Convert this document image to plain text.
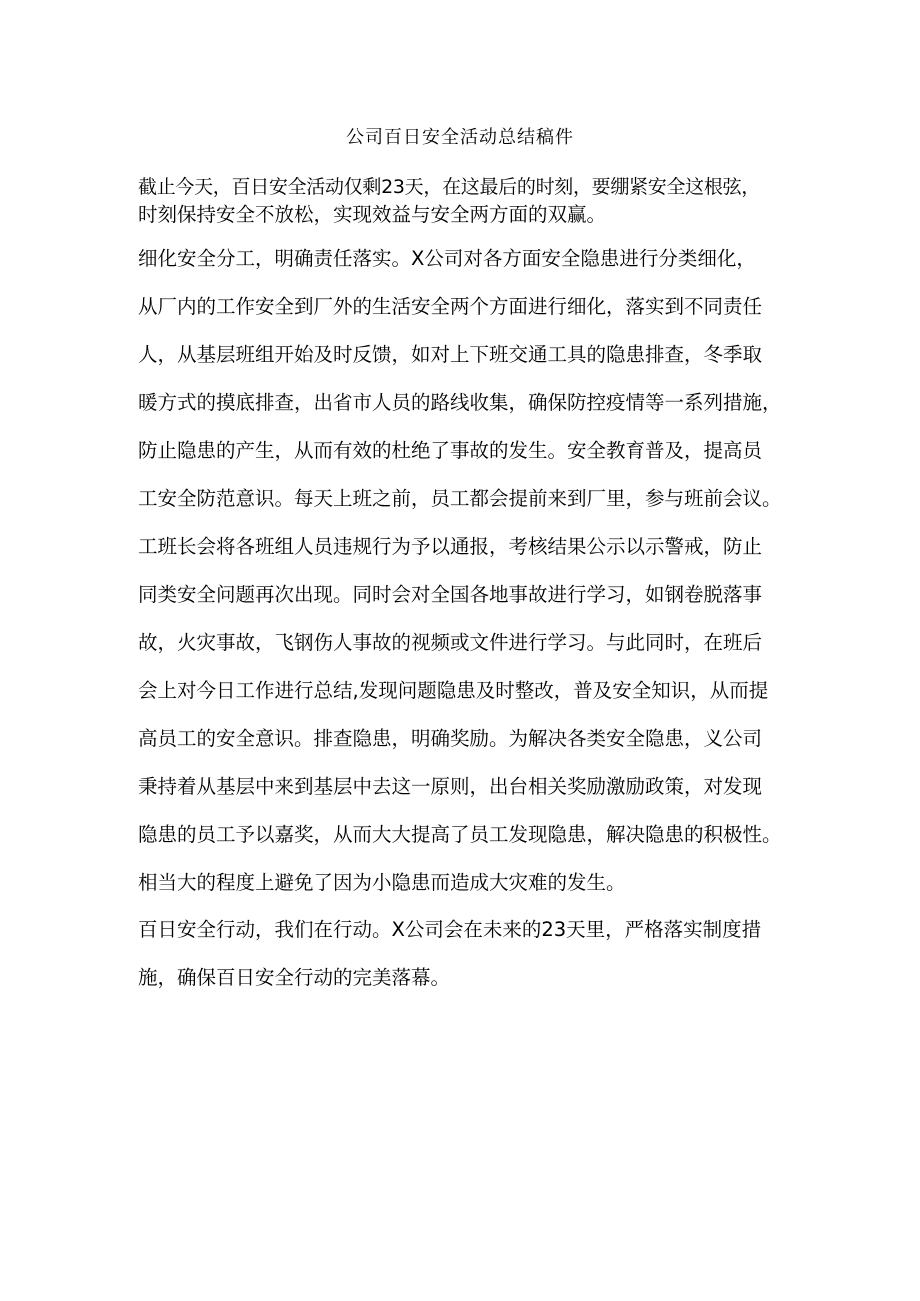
公司百日安全活动总结稿件
截止今天，百日安全活动仅剩23天，在这最后的时刻，要绷紧安全这根弦，
时刻保持安全不放松，实现效益与安全两方面的双赢。
细化安全分工，明确责任落实。X公司对各方面安全隐患进行分类细化，
从厂内的工作安全到厂外的生活安全两个方面进行细化，落实到不同责任
人，从基层班组开始及时反馈，如对上下班交通工具的隐患排查，冬季取
暖方式的摸底排查，出省市人员的路线收集，确保防控疫情等一系列措施，
防止隐患的产生，从而有效的杜绝了事故的发生。安全教育普及，提高员
工安全防范意识。每天上班之前，员工都会提前来到厂里，参与班前会议。
工班长会将各班组人员违规行为予以通报，考核结果公示以示警戒，防止
同类安全问题再次出现。同时会对全国各地事故进行学习，如钢卷脱落事
故，火灾事故，飞钢伤人事故的视频或文件进行学习。与此同时，在班后
会上对今日工作进行总结,发现问题隐患及时整改，普及安全知识，从而提
高员工的安全意识。排查隐患，明确奖励。为解决各类安全隐患，义公司
秉持着从基层中来到基层中去这一原则，出台相关奖励激励政策，对发现
隐患的员工予以嘉奖，从而大大提高了员工发现隐患，解决隐患的积极性。
相当大的程度上避免了因为小隐患而造成大灾难的发生。
百日安全行动，我们在行动。X公司会在未来的23天里，严格落实制度措
施，确保百日安全行动的完美落幕。
